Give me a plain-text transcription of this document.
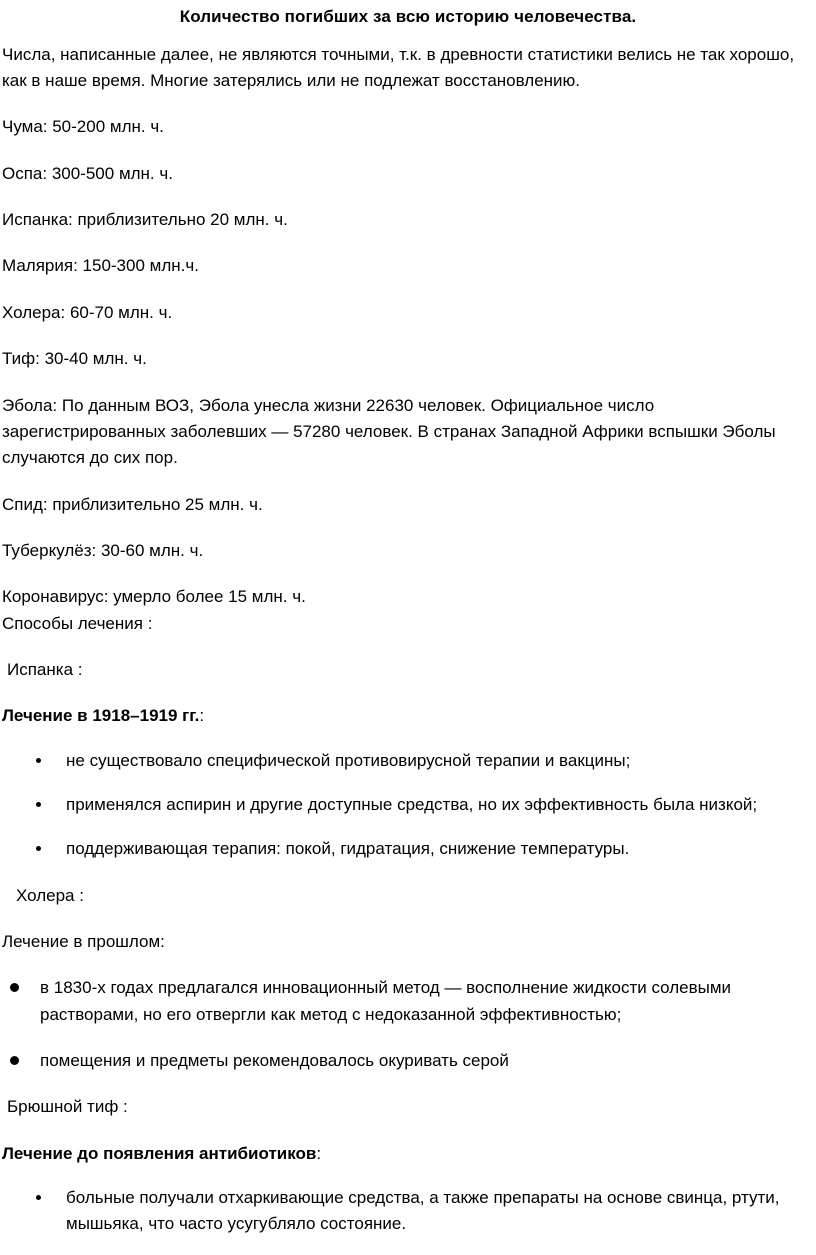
Количество погибших за всю историю человечества.

Числа, написанные далее, не являются точными, т.к. в древности статистики велись не так хорошо, как в наше время. Многие затерялись или не подлежат восстановлению.

Чума: 50-200 млн. ч.

Оспа: 300-500 млн. ч.

Испанка: приблизительно 20 млн. ч.

Малярия: 150-300 млн.ч.

Холера: 60-70 млн. ч.

Тиф: 30-40 млн. ч.

Эбола: По данным ВОЗ, Эбола унесла жизни 22630 человек. Официальное число зарегистрированных заболевших — 57280 человек. В странах Западной Африки вспышки Эболы случаются до сих пор.

Спид: приблизительно 25 млн. ч.

Туберкулёз: 30-60 млн. ч.

Коронавирус: умерло более 15 млн. ч.

Способы лечения :

Испанка :

Лечение в 1918–1919 гг.:

не существовало специфической противовирусной терапии и вакцины;
применялся аспирин и другие доступные средства, но их эффективность была низкой;
поддерживающая терапия: покой, гидратация, снижение температуры.

Холера :

Лечение в прошлом:

в 1830-х годах предлагался инновационный метод — восполнение жидкости солевыми растворами, но его отвергли как метод с недоказанной эффективностью;
помещения и предметы рекомендовалось окуривать серой

Брюшной тиф :

Лечение до появления антибиотиков:

больные получали отхаркивающие средства, а также препараты на основе свинца, ртути, мышьяка, что часто усугубляло состояние.
